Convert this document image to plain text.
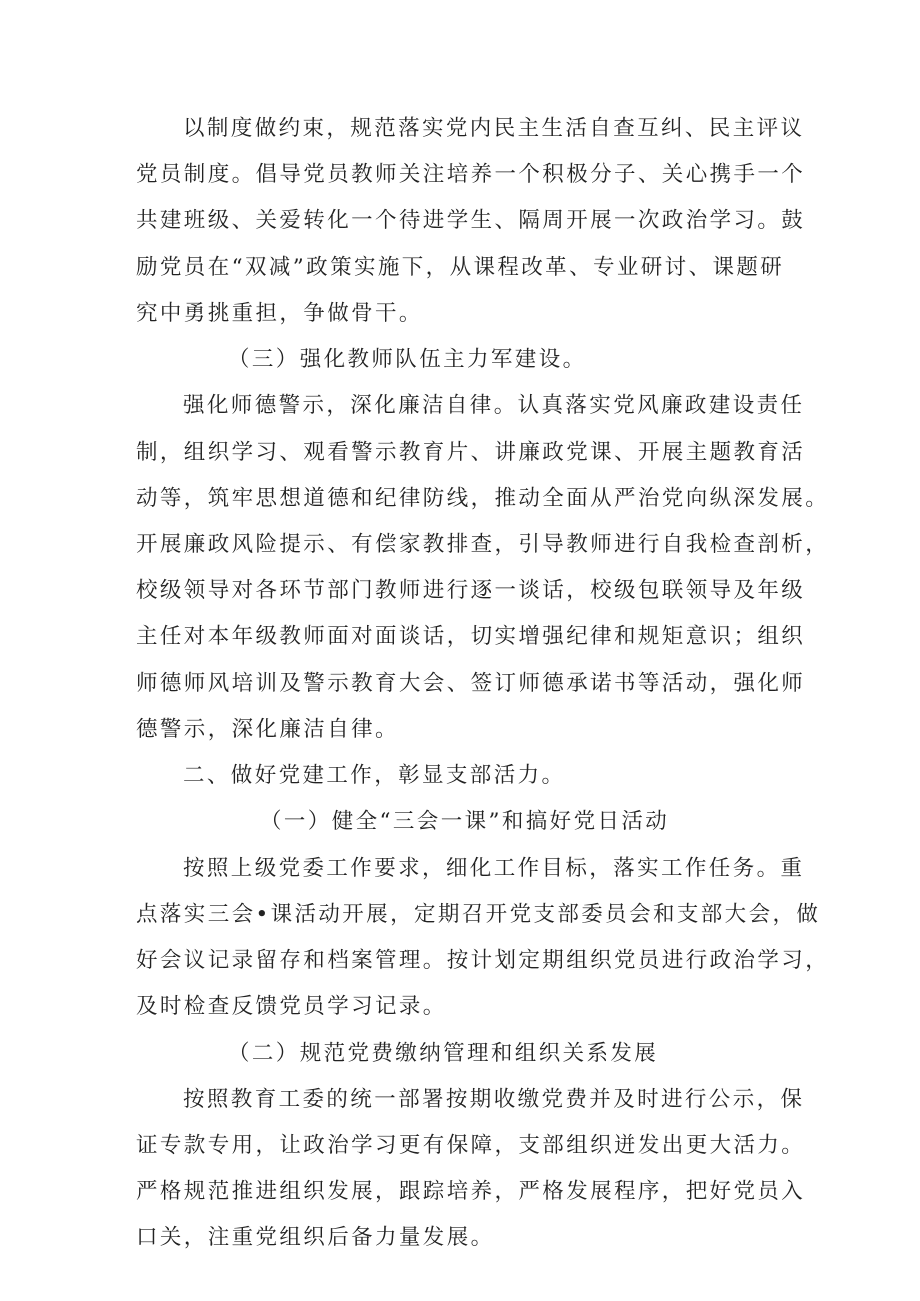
以制度做约束，规范落实党内民主生活自查互纠、民主评议
党员制度。倡导党员教师关注培养一个积极分子、关心携手一个
共建班级、关爱转化一个待进学生、隔周开展一次政治学习。鼓
励党员在“双减”政策实施下，从课程改革、专业研讨、课题研
究中勇挑重担，争做骨干。
（三）强化教师队伍主力军建设。
强化师德警示，深化廉洁自律。认真落实党风廉政建设责任
制，组织学习、观看警示教育片、讲廉政党课、开展主题教育活
动等，筑牢思想道德和纪律防线，推动全面从严治党向纵深发展。
开展廉政风险提示、有偿家教排查，引导教师进行自我检查剖析，
校级领导对各环节部门教师进行逐一谈话，校级包联领导及年级
主任对本年级教师面对面谈话，切实增强纪律和规矩意识；组织
师德师风培训及警示教育大会、签订师德承诺书等活动，强化师
德警示，深化廉洁自律。
二、做好党建工作，彰显支部活力。
（一）健全“三会一课”和搞好党日活动
按照上级党委工作要求，细化工作目标，落实工作任务。重
点落实三会•课活动开展，定期召开党支部委员会和支部大会，做
好会议记录留存和档案管理。按计划定期组织党员进行政治学习，
及时检查反馈党员学习记录。
（二）规范党费缴纳管理和组织关系发展
按照教育工委的统一部署按期收缴党费并及时进行公示，保
证专款专用，让政治学习更有保障，支部组织迸发出更大活力。
严格规范推进组织发展，跟踪培养，严格发展程序，把好党员入
口关，注重党组织后备力量发展。
